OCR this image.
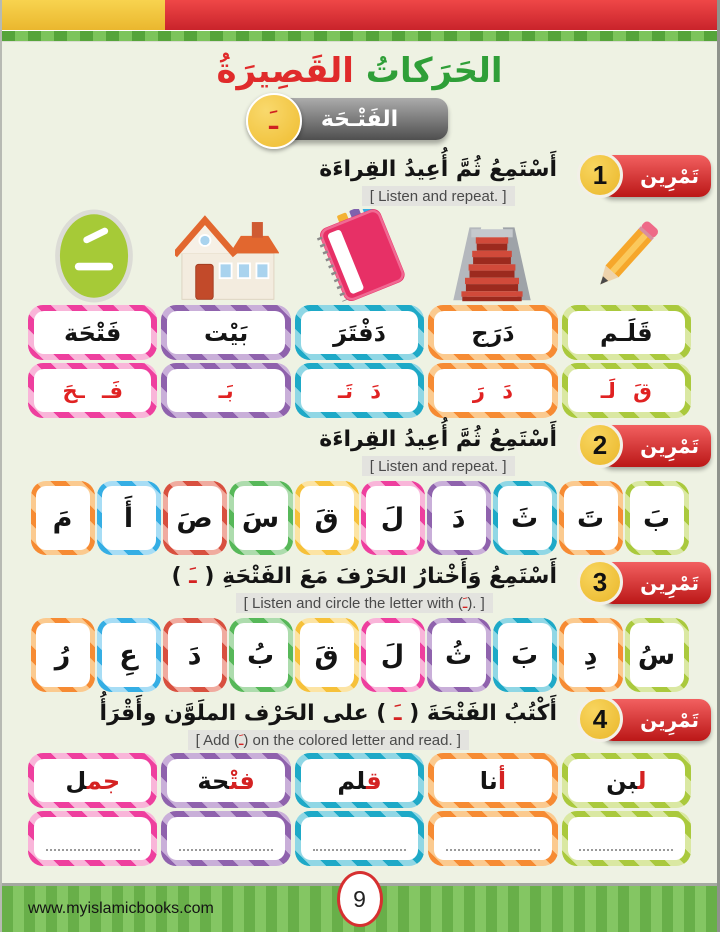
الحَرَكاتُ القَصِيرَةُ
الفَتْـحَة
ـَ
تَمْرِين
1
أَسْتَمِعُ ثُمَّ أُعِيدُ القِراءَة
[ Listen and repeat. ]
قَلَـم
قَ لَـ
دَرَج
دَ رَ
دَفْتَرَ
دَ تَـ
بَيْت
بَـ
فَتْحَة
فَـ ـحَ
تَمْرِين
2
أَسْتَمِعُ ثُمَّ أُعِيدُ القِراءَة
[ Listen and repeat. ]
بَ
تَ
ثَ
دَ
لَ
قَ
سَ
صَ
أَ
مَ
تَمْرِين
3
أَسْتَمِعُ وَأَخْتارُ الحَرْفَ مَعَ الفَتْحَةِ ( ـَ )
[ Listen and circle the letter with (ـَ). ]
سُ
دِ
بَ
ثُ
لَ
قَ
بُ
دَ
عِ
رُ
تَمْرِين
4
أَكْتُبُ الفَتْحَةَ ( ـَ ) على الحَرْف الملَوَّن وأَقْرَأُ
[ Add (ـَ) on the colored letter and read. ]
ل‍‍بن
أنا
ق‍‍لم
فتْ‍‍حة
جم‍‍ل
www.myislamicbooks.com	9
